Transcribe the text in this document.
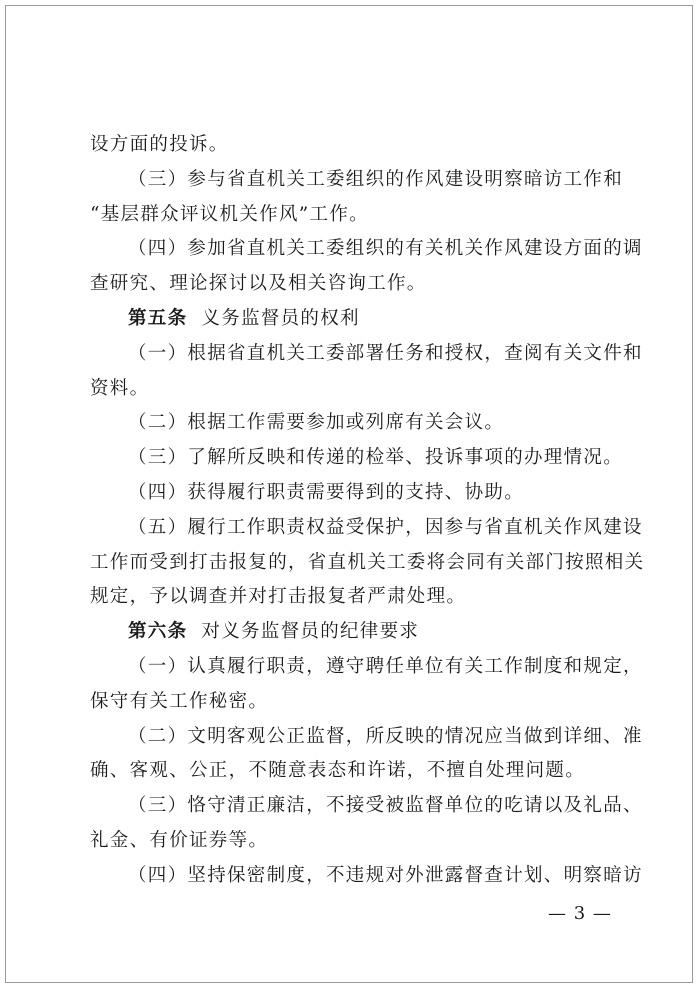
设方面的投诉。
（三）参与省直机关工委组织的作风建设明察暗访工作和
“基层群众评议机关作风”工作。
（四）参加省直机关工委组织的有关机关作风建设方面的调
查研究、理论探讨以及相关咨询工作。
第五条 义务监督员的权利
（一）根据省直机关工委部署任务和授权，查阅有关文件和
资料。
（二）根据工作需要参加或列席有关会议。
（三）了解所反映和传递的检举、投诉事项的办理情况。
（四）获得履行职责需要得到的支持、协助。
（五）履行工作职责权益受保护，因参与省直机关作风建设
工作而受到打击报复的，省直机关工委将会同有关部门按照相关
规定，予以调查并对打击报复者严肃处理。
第六条 对义务监督员的纪律要求
（一）认真履行职责，遵守聘任单位有关工作制度和规定，
保守有关工作秘密。
（二）文明客观公正监督，所反映的情况应当做到详细、准
确、客观、公正，不随意表态和许诺，不擅自处理问题。
（三）恪守清正廉洁，不接受被监督单位的吃请以及礼品、
礼金、有价证券等。
（四）坚持保密制度，不违规对外泄露督查计划、明察暗访
— 3 —
